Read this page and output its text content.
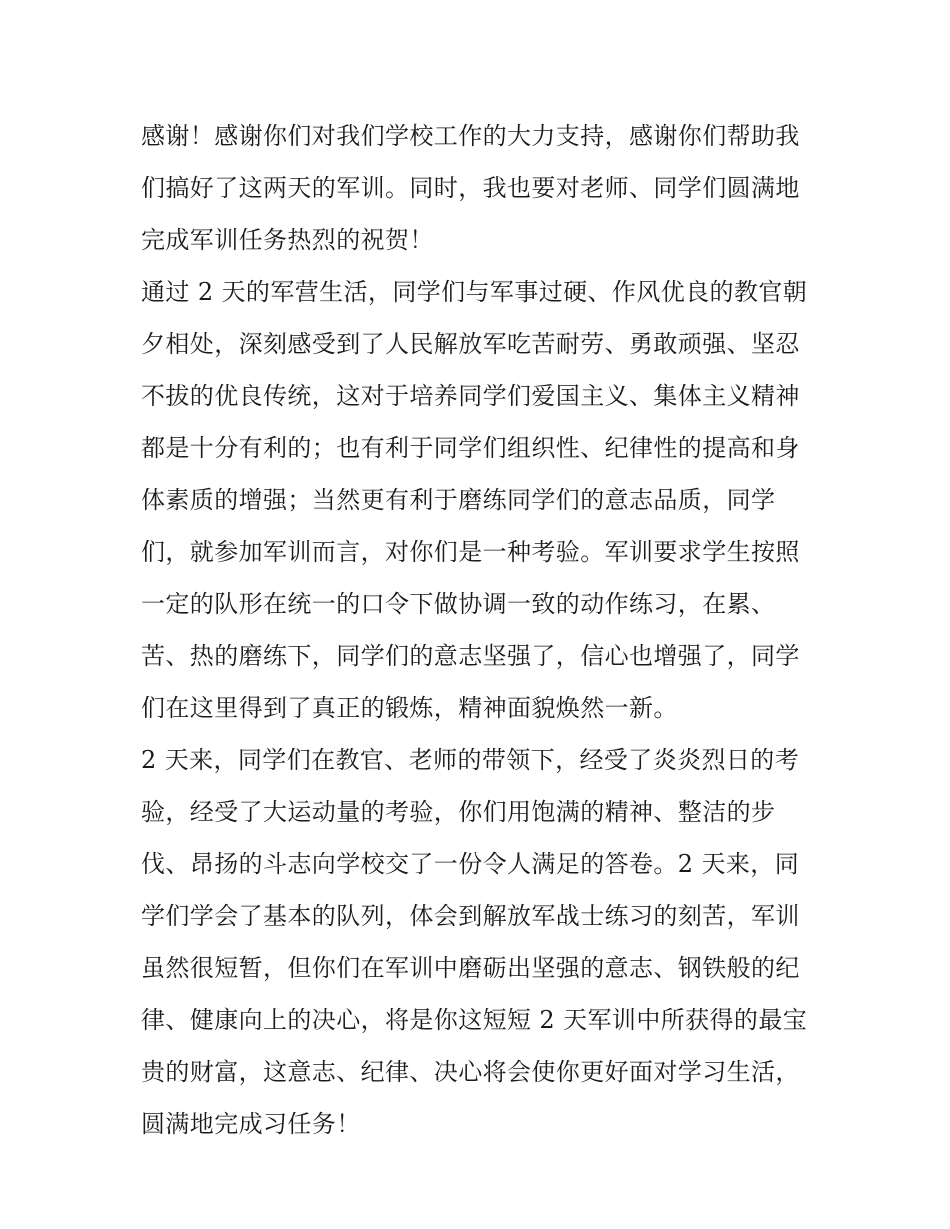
感谢！感谢你们对我们学校工作的大力支持，感谢你们帮助我
们搞好了这两天的军训。同时，我也要对老师、同学们圆满地
完成军训任务热烈的祝贺！
通过 2 天的军营生活，同学们与军事过硬、作风优良的教官朝
夕相处，深刻感受到了人民解放军吃苦耐劳、勇敢顽强、坚忍
不拔的优良传统，这对于培养同学们爱国主义、集体主义精神
都是十分有利的；也有利于同学们组织性、纪律性的提高和身
体素质的增强；当然更有利于磨练同学们的意志品质，同学
们，就参加军训而言，对你们是一种考验。军训要求学生按照
一定的队形在统一的口令下做协调一致的动作练习，在累、
苦、热的磨练下，同学们的意志坚强了，信心也增强了，同学
们在这里得到了真正的锻炼，精神面貌焕然一新。
2 天来，同学们在教官、老师的带领下，经受了炎炎烈日的考
验，经受了大运动量的考验，你们用饱满的精神、整洁的步
伐、昂扬的斗志向学校交了一份令人满足的答卷。2 天来，同
学们学会了基本的队列，体会到解放军战士练习的刻苦，军训
虽然很短暂，但你们在军训中磨砺出坚强的意志、钢铁般的纪
律、健康向上的决心，将是你这短短 2 天军训中所获得的最宝
贵的财富，这意志、纪律、决心将会使你更好面对学习生活，
圆满地完成习任务！
